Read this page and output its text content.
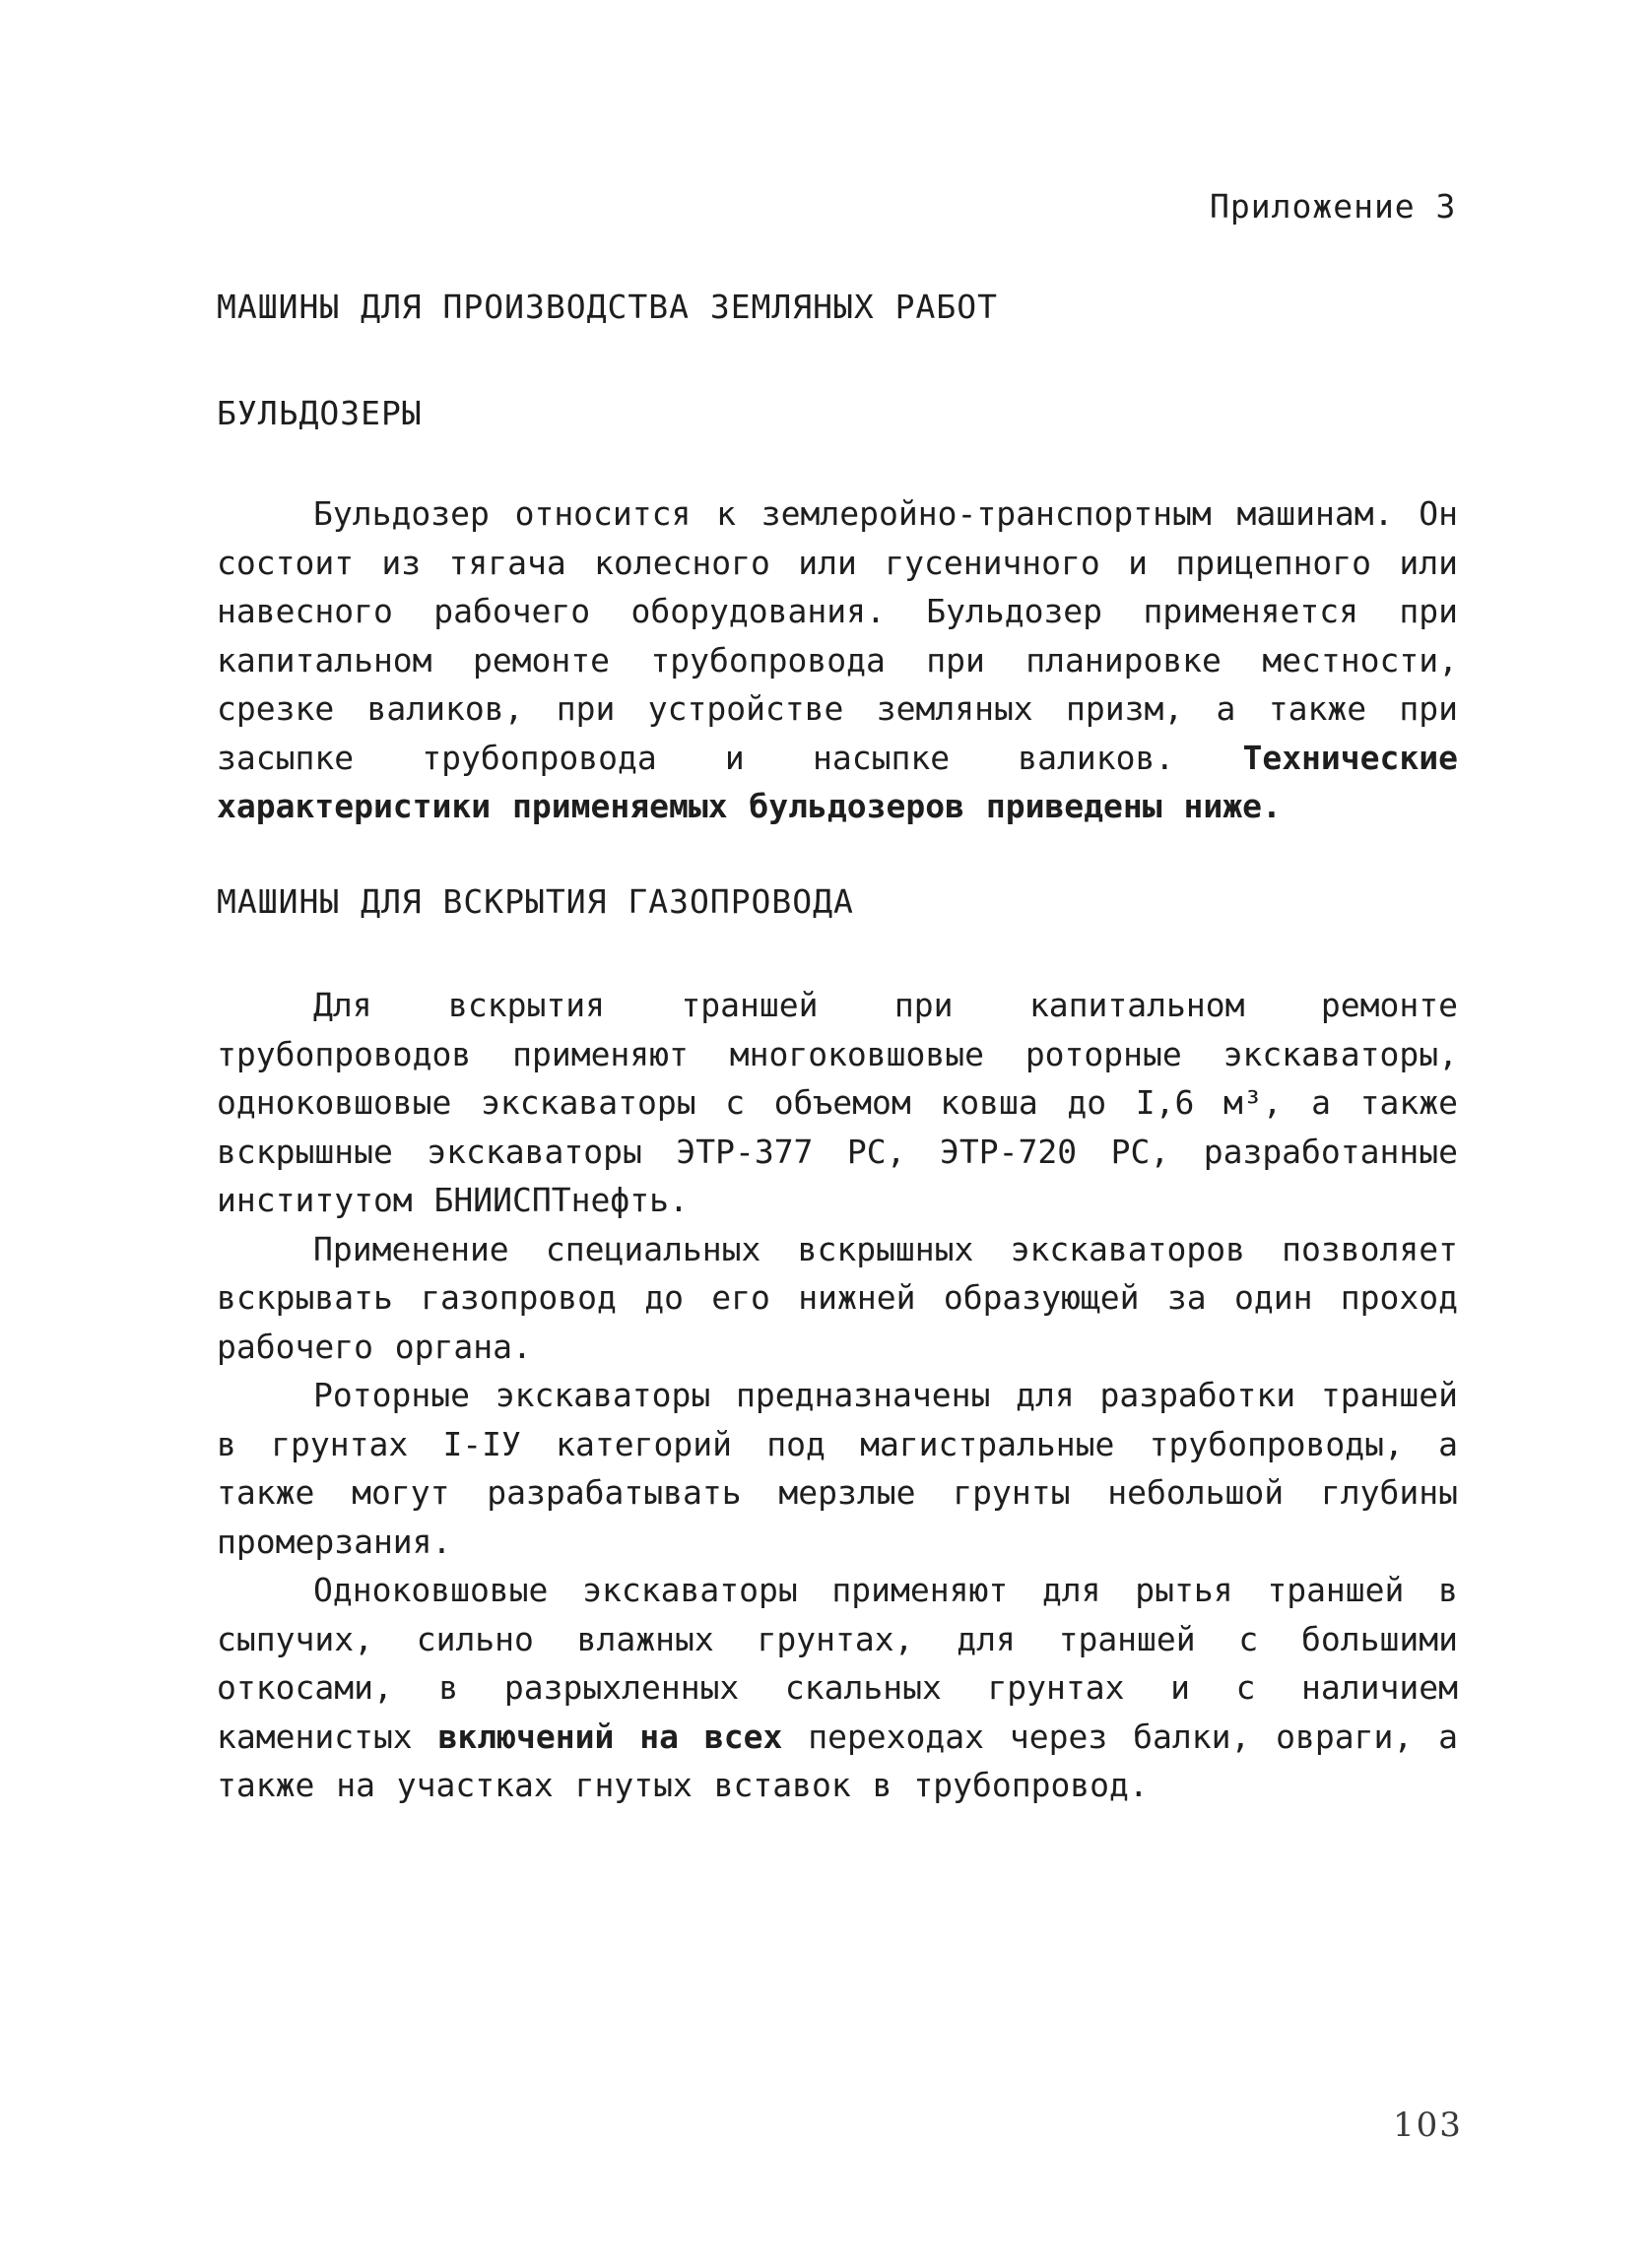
Приложение 3
МАШИНЫ ДЛЯ ПРОИЗВОДСТВА ЗЕМЛЯНЫХ РАБОТ
БУЛЬДОЗЕРЫ

Бульдозер относится к землеройно-транспортным машинам. Он состоит из тягача колесного или гусеничного и прицепного или навесного рабочего оборудования. Бульдозер применяется при капитальном ремонте трубопровода при планировке местности, срезке валиков, при устройстве земляных призм, а также при засыпке трубопровода и насыпке валиков. Технические характеристики применяемых бульдозеров приведены ниже.

МАШИНЫ ДЛЯ ВСКРЫТИЯ ГАЗОПРОВОДА

Для вскрытия траншей при капитальном ремонте трубопроводов применяют многоковшовые роторные экскаваторы, одноковшовые экскаваторы с объемом ковша до I,6 м³, а также вскрышные экскаваторы ЭТР-377 РС, ЭТР-720 РС, разработанные институтом БНИИСПТнефть.

Применение специальных вскрышных экскаваторов позволяет вскрывать газопровод до его нижней образующей за один проход рабочего органа.

Роторные экскаваторы предназначены для разработки траншей в грунтах I-IУ категорий под магистральные трубопроводы, а также могут разрабатывать мерзлые грунты небольшой глубины промерзания.

Одноковшовые экскаваторы применяют для рытья траншей в сыпучих, сильно влажных грунтах, для траншей с большими откосами, в разрыхленных скальных грунтах и с наличием каменистых включений на всех переходах через балки, овраги, а также на участках гнутых вставок в трубопровод.

103
